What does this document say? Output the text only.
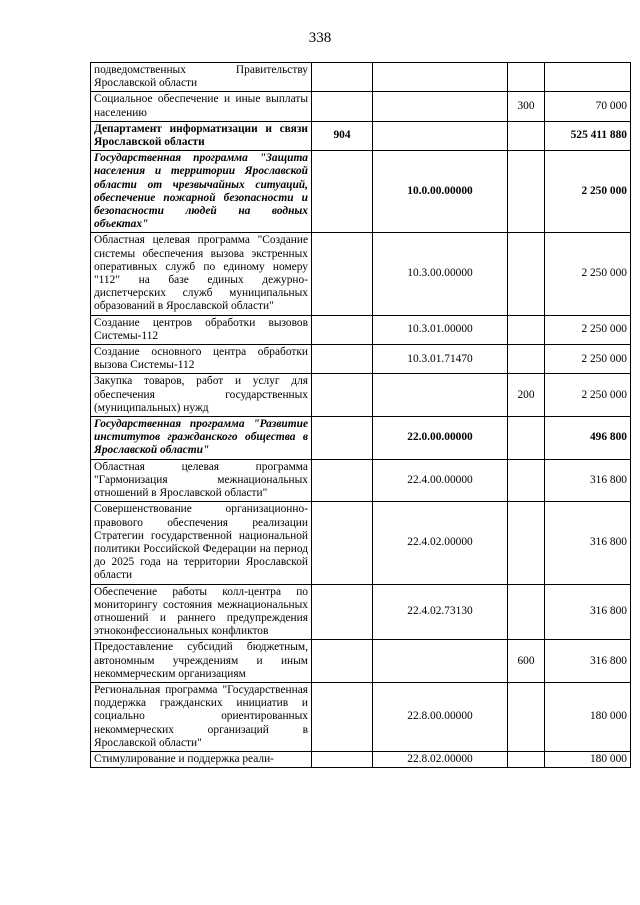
338
подведомственных Правительству Ярославской области				
Социальное обеспечение и иные выплаты населению			300	70 000
Департамент информатизации и связи Ярославской области	904			525 411 880
Государственная программа "Защита населения и территории Ярославской области от чрезвычайных ситуаций, обеспечение пожарной безопасности и безопасности людей на водных объектах"		10.0.00.00000		2 250 000
Областная целевая программа "Создание системы обеспечения вызова экстренных оперативных служб по единому номеру "112" на базе единых дежурно-диспетчерских служб муниципальных образований в Ярославской области"		10.3.00.00000		2 250 000
Создание центров обработки вызовов Системы-112		10.3.01.00000		2 250 000
Создание основного центра обработки вызова Системы-112		10.3.01.71470		2 250 000
Закупка товаров, работ и услуг для обеспечения государственных (муниципальных) нужд			200	2 250 000
Государственная программа "Развитие институтов гражданского общества в Ярославской области"		22.0.00.00000		496 800
Областная целевая программа "Гармонизация межнациональных отношений в Ярославской области"		22.4.00.00000		316 800
Совершенствование организационно-правового обеспечения реализации Стратегии государственной национальной политики Российской Федерации на период до 2025 года на территории Ярославской области		22.4.02.00000		316 800
Обеспечение работы колл-центра по мониторингу состояния межнациональных отношений и раннего предупреждения этноконфессиональных конфликтов		22.4.02.73130		316 800
Предоставление субсидий бюджетным, автономным учреждениям и иным некоммерческим организациям			600	316 800
Региональная программа "Государственная поддержка гражданских инициатив и социально ориентированных некоммерческих организаций в Ярославской области"		22.8.00.00000		180 000
Стимулирование и поддержка реали-		22.8.02.00000		180 000
